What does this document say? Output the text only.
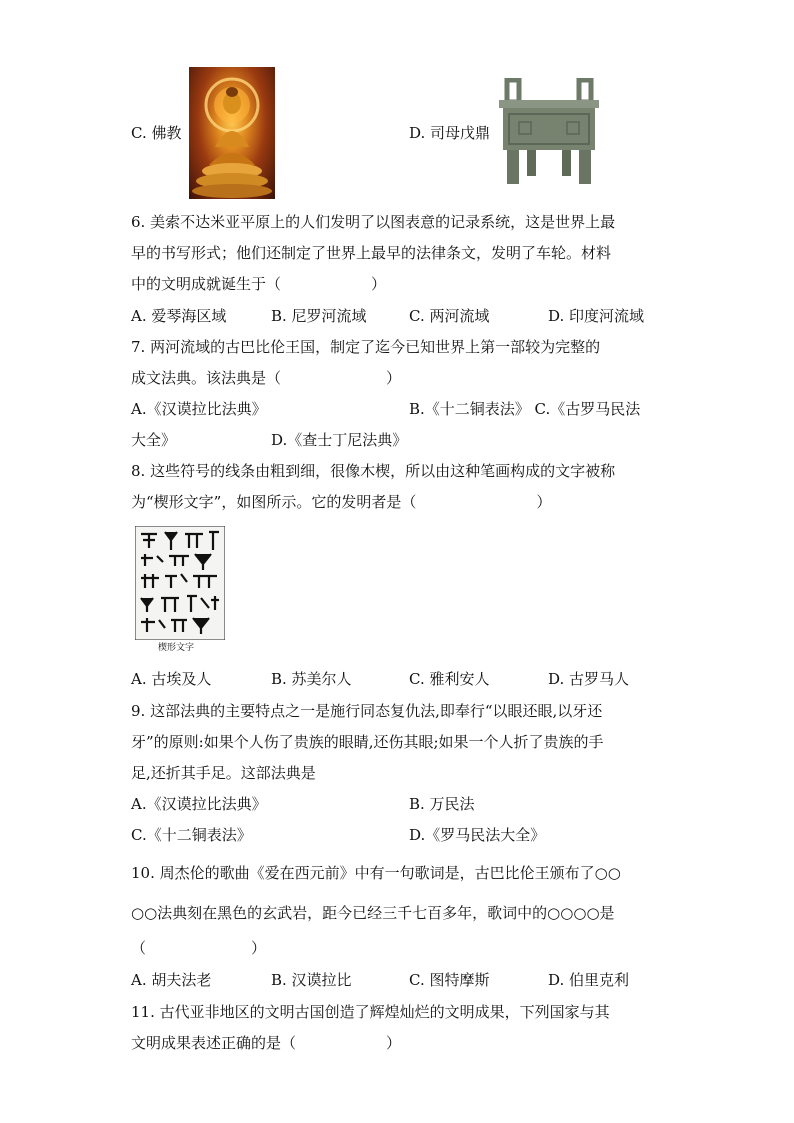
C. 佛教	D. 司母戊鼎
6. 美索不达米亚平原上的人们发明了以图表意的记录系统，这是世界上最
早的书写形式；他们还制定了世界上最早的法律条文，发明了车轮。材料
中的文明成就诞生于（　　　　　　）
A. 爱琴海区域	B. 尼罗河流域	C. 两河流域	D. 印度河流域
7. 两河流域的古巴比伦王国，制定了迄今已知世界上第一部较为完整的
成文法典。该法典是（　　　　　　　）
A.《汉谟拉比法典》	B.《十二铜表法》 C.《古罗马民法
大全》	D.《查士丁尼法典》
8. 这些符号的线条由粗到细，很像木楔，所以由这种笔画构成的文字被称
为“楔形文字”，如图所示。它的发明者是（　　　　　　　　）
楔形文字
A. 古埃及人	B. 苏美尔人	C. 雅利安人	D. 古罗马人
9. 这部法典的主要特点之一是施行同态复仇法,即奉行“以眼还眼,以牙还
牙”的原则:如果个人伤了贵族的眼睛,还伤其眼;如果一个人折了贵族的手
足,还折其手足。这部法典是
A.《汉谟拉比法典》	B. 万民法
C.《十二铜表法》	D.《罗马民法大全》
10. 周杰伦的歌曲《爱在西元前》中有一句歌词是，古巴比伦王颁布了○○
○○法典刻在黑色的玄武岩，距今已经三千七百多年，歌词中的○○○○是
（　　　　　　　）
A. 胡夫法老	B. 汉谟拉比	C. 图特摩斯	D. 伯里克利
11. 古代亚非地区的文明古国创造了辉煌灿烂的文明成果，下列国家与其
文明成果表述正确的是（　　　　　　）
